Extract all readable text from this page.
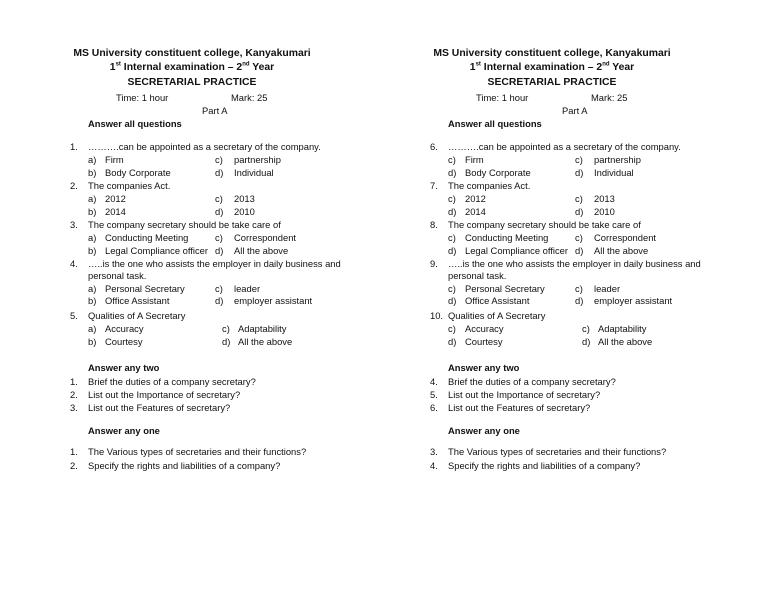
MS University constituent college, Kanyakumari
1st Internal examination – 2nd Year
SECRETARIAL PRACTICE
Time: 1 hour	Mark: 25
Part A
Answer all questions
1. ……….can be appointed as a secretary of the company.
a) Firm	c) partnership
b) Body Corporate	d) Individual
2. The companies Act.
a) 2012	c) 2013
b) 2014	d) 2010
3. The company secretary should be take care of
a) Conducting Meeting	c) Correspondent
b) Legal Compliance officer d) All the above
4. …..is the one who assists the employer in daily business and
personal task.
a) Personal Secretary	c) leader
b) Office Assistant	d) employer assistant
5. Qualities of A Secretary
a) Accuracy	c) Adaptability
b) Courtesy	d) All the above
Answer any two
1. Brief the duties of a company secretary?
2. List out the Importance of secretary?
3. List out the Features of secretary?
Answer any one
1. The Various types of secretaries and their functions?
2. Specify the rights and liabilities of a company?
MS University constituent college, Kanyakumari
1st Internal examination – 2nd Year
SECRETARIAL PRACTICE
Time: 1 hour	Mark: 25
Part A
Answer all questions
6. ……….can be appointed as a secretary of the company.
c) Firm	c) partnership
d) Body Corporate	d) Individual
7. The companies Act.
c) 2012	c) 2013
d) 2014	d) 2010
8. The company secretary should be take care of
c) Conducting Meeting	c) Correspondent
d) Legal Compliance officer d) All the above
9. …..is the one who assists the employer in daily business and
personal task.
c) Personal Secretary	c) leader
d) Office Assistant	d) employer assistant
10. Qualities of A Secretary
c) Accuracy	c) Adaptability
d) Courtesy	d) All the above
Answer any two
4. Brief the duties of a company secretary?
5. List out the Importance of secretary?
6. List out the Features of secretary?
Answer any one
3. The Various types of secretaries and their functions?
4. Specify the rights and liabilities of a company?
